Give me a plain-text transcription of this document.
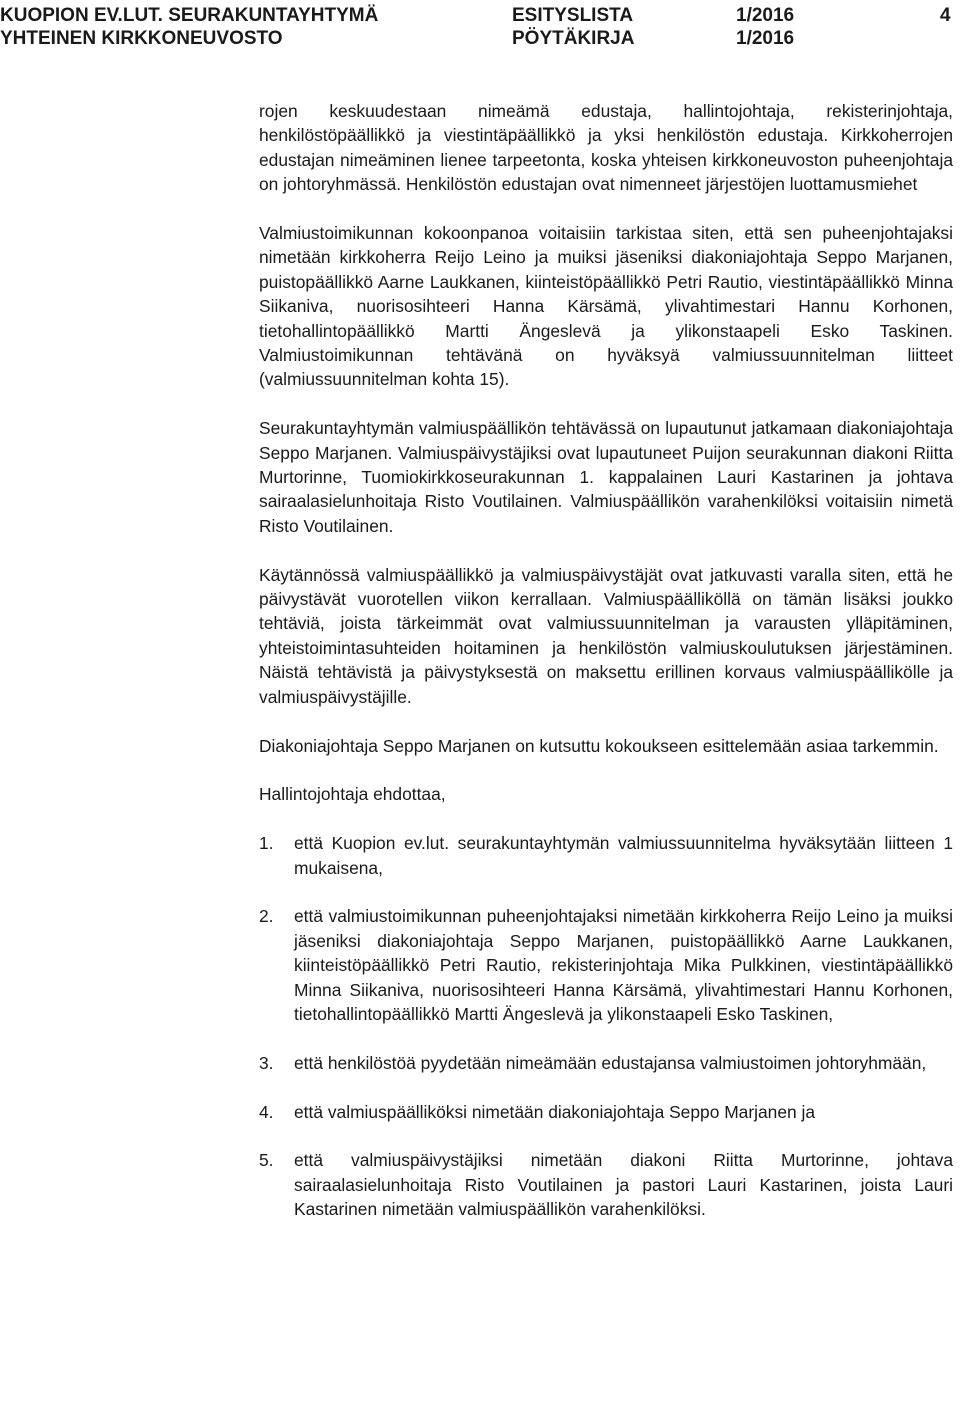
KUOPION EV.LUT. SEURAKUNTAYHTYMÄ
YHTEINEN KIRKKONEUVOSTO
ESITYSLISTA
PÖYTÄKIRJA
1/2016
1/2016
4

rojen keskuudestaan nimeämä edustaja, hallintojohtaja, rekisterinjohtaja, henkilöstöpäällikkö ja viestintäpäällikkö ja yksi henkilöstön edustaja. Kirkkoherrojen edustajan nimeäminen lienee tarpeetonta, koska yhteisen kirkkoneuvoston puheenjohtaja on johtoryhmässä. Henkilöstön edustajan ovat nimenneet järjestöjen luottamusmiehet

Valmiustoimikunnan kokoonpanoa voitaisiin tarkistaa siten, että sen puheenjohtajaksi nimetään kirkkoherra Reijo Leino ja muiksi jäseniksi diakoniajohtaja Seppo Marjanen, puistopäällikkö Aarne Laukkanen, kiinteistöpäällikkö Petri Rautio, viestintäpäällikkö Minna Siikaniva, nuorisosihteeri Hanna Kärsämä, ylivahtimestari Hannu Korhonen, tietohallintopäällikkö Martti Ängeslevä ja ylikonstaapeli Esko Taskinen. Valmiustoimikunnan tehtävänä on hyväksyä valmiussuunnitelman liitteet (valmiussuunnitelman kohta 15).

Seurakuntayhtymän valmiuspäällikön tehtävässä on lupautunut jatkamaan diakoniajohtaja Seppo Marjanen. Valmiuspäivystäjiksi ovat lupautuneet Puijon seurakunnan diakoni Riitta Murtorinne, Tuomiokirkkoseurakunnan 1. kappalainen Lauri Kastarinen ja johtava sairaalasielunhoitaja Risto Voutilainen. Valmiuspäällikön varahenkilöksi voitaisiin nimetä Risto Voutilainen.

Käytännössä valmiuspäällikkö ja valmiuspäivystäjät ovat jatkuvasti varalla siten, että he päivystävät vuorotellen viikon kerrallaan. Valmiuspäälliköllä on tämän lisäksi joukko tehtäviä, joista tärkeimmät ovat valmiussuunnitelman ja varausten ylläpitäminen, yhteistoimintasuhteiden hoitaminen ja henkilöstön valmiuskoulutuksen järjestäminen. Näistä tehtävistä ja päivystyksestä on maksettu erillinen korvaus valmiuspäällikölle ja valmiuspäivystäjille.

Diakoniajohtaja Seppo Marjanen on kutsuttu kokoukseen esittelemään asiaa tarkemmin.

Hallintojohtaja ehdottaa,

1. että Kuopion ev.lut. seurakuntayhtymän valmiussuunnitelma hyväksytään liitteen 1 mukaisena,
2. että valmiustoimikunnan puheenjohtajaksi nimetään kirkkoherra Reijo Leino ja muiksi jäseniksi diakoniajohtaja Seppo Marjanen, puistopäällikkö Aarne Laukkanen, kiinteistöpäällikkö Petri Rautio, rekisterinjohtaja Mika Pulkkinen, viestintäpäällikkö Minna Siikaniva, nuorisosihteeri Hanna Kärsämä, ylivahtimestari Hannu Korhonen, tietohallintopäällikkö Martti Ängeslevä ja ylikonstaapeli Esko Taskinen,
3. että henkilöstöä pyydetään nimeämään edustajansa valmiustoimen johtoryhmään,
4. että valmiuspäälliköksi nimetään diakoniajohtaja Seppo Marjanen ja
5. että valmiuspäivystäjiksi nimetään diakoni Riitta Murtorinne, johtava sairaalasielunhoitaja Risto Voutilainen ja pastori Lauri Kastarinen, joista Lauri Kastarinen nimetään valmiuspäällikön varahenkilöksi.
